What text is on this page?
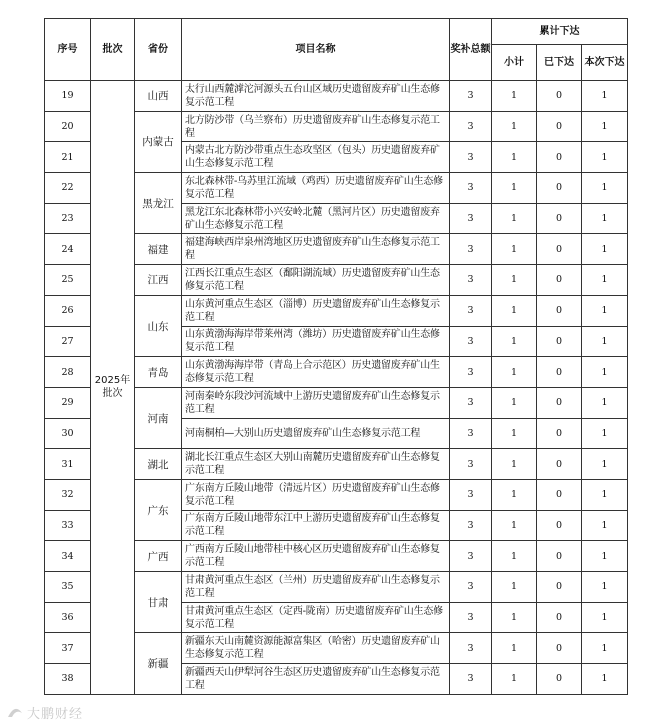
序号	批次	省份	项目名称	奖补总额	累计下达		
					小计	已下达	本次下达
19	2025年批次	山西	太行山西麓滹沱河源头五台山区域历史遗留废弃矿山生态修复示范工程	3	1	0	1
20		内蒙古	北方防沙带（乌兰察布）历史遗留废弃矿山生态修复示范工程	3	1	0	1
21			内蒙古北方防沙带重点生态攻坚区（包头）历史遗留废弃矿山生态修复示范工程	3	1	0	1
22		黑龙江	东北森林带-乌苏里江流域（鸡西）历史遗留废弃矿山生态修复示范工程	3	1	0	1
23			黑龙江东北森林带小兴安岭北麓（黑河片区）历史遗留废弃矿山生态修复示范工程	3	1	0	1
24		福建	福建海峡西岸泉州湾地区历史遗留废弃矿山生态修复示范工程	3	1	0	1
25		江西	江西长江重点生态区（鄱阳湖流域）历史遗留废弃矿山生态修复示范工程	3	1	0	1
26		山东	山东黄河重点生态区（淄博）历史遗留废弃矿山生态修复示范工程	3	1	0	1
27			山东黄渤海海岸带莱州湾（潍坊）历史遗留废弃矿山生态修复示范工程	3	1	0	1
28		青岛	山东黄渤海海岸带（青岛上合示范区）历史遗留废弃矿山生态修复示范工程	3	1	0	1
29		河南	河南秦岭东段沙河流域中上游历史遗留废弃矿山生态修复示范工程	3	1	0	1
30			河南桐柏—大别山历史遗留废弃矿山生态修复示范工程	3	1	0	1
31		湖北	湖北长江重点生态区大别山南麓历史遗留废弃矿山生态修复示范工程	3	1	0	1
32		广东	广东南方丘陵山地带（清远片区）历史遗留废弃矿山生态修复示范工程	3	1	0	1
33			广东南方丘陵山地带东江中上游历史遗留废弃矿山生态修复示范工程	3	1	0	1
34		广西	广西南方丘陵山地带桂中核心区历史遗留废弃矿山生态修复示范工程	3	1	0	1
35		甘肃	甘肃黄河重点生态区（兰州）历史遗留废弃矿山生态修复示范工程	3	1	0	1
36			甘肃黄河重点生态区（定西-陇南）历史遗留废弃矿山生态修复示范工程	3	1	0	1
37		新疆	新疆东天山南麓资源能源富集区（哈密）历史遗留废弃矿山生态修复示范工程	3	1	0	1
38			新疆西天山伊犁河谷生态区历史遗留废弃矿山生态修复示范工程	3	1	0	1
大鹏财经
